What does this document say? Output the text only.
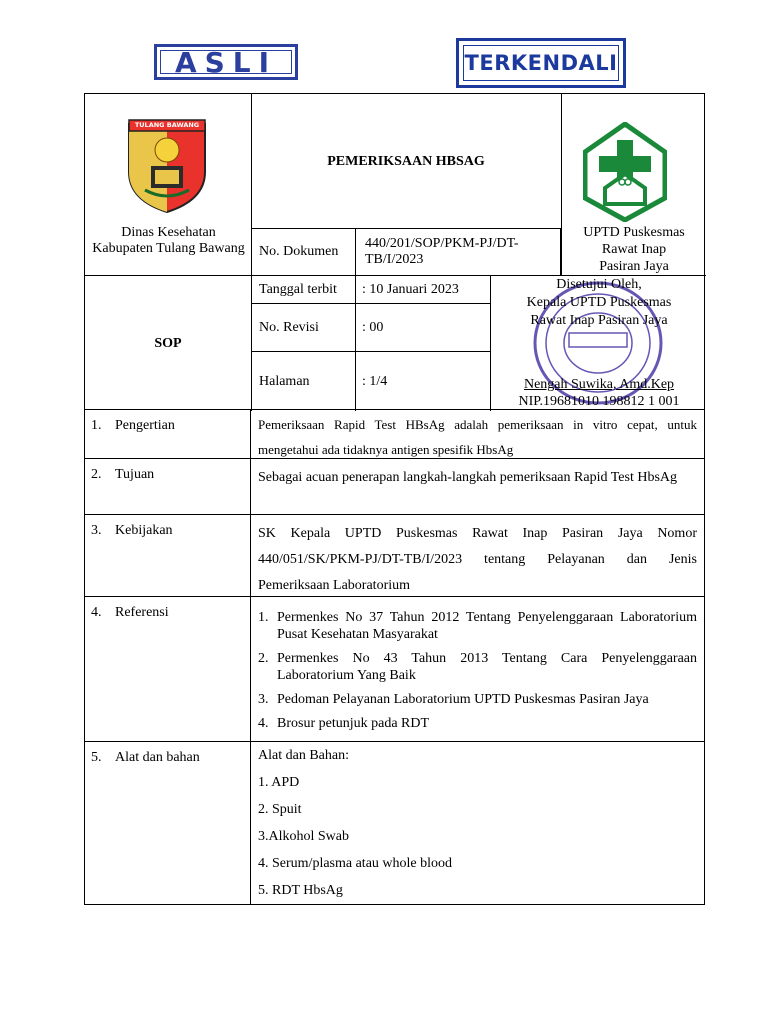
ASLI	TERKENDALI
TULANG BAWANG
Dinas Kesehatan
Kabupaten Tulang Bawang
PEMERIKSAAN HBSAG
UPTD Puskesmas
Rawat Inap
Pasiran Jaya
No. Dokumen
440/201/SOP/PKM-PJ/DT-TB/I/2023
SOP
Tanggal terbit : 10 Januari 2023
No. Revisi	: 00
Halaman	: 1/4
Disetujui Oleh,
Kepala UPTD Puskesmas
Rawat Inap Pasiran Jaya
Nengah Suwika, Amd.Kep
NIP.19681010 198812 1 001
1. Pengertian	Pemeriksaan Rapid Test HBsAg adalah pemeriksaan in vitro cepat, untuk mengetahui ada tidaknya antigen spesifik HbsAg
2. Tujuan	Sebagai acuan penerapan langkah-langkah pemeriksaan Rapid Test HbsAg
3. Kebijakan	SK Kepala UPTD Puskesmas Rawat Inap Pasiran Jaya Nomor 440/051/SK/PKM-PJ/DT-TB/I/2023 tentang Pelayanan dan Jenis Pemeriksaan Laboratorium
4. Referensi	1. Permenkes No 37 Tahun 2012 Tentang Penyelenggaraan Laboratorium Pusat Kesehatan Masyarakat
2. Permenkes No 43 Tahun 2013 Tentang Cara Penyelenggaraan Laboratorium Yang Baik
3. Pedoman Pelayanan Laboratorium UPTD Puskesmas Pasiran Jaya
4. Brosur petunjuk pada RDT
5. Alat dan bahan	Alat dan Bahan:
1. APD
2. Spuit
3.Alkohol Swab
4. Serum/plasma atau whole blood
5. RDT HbsAg
